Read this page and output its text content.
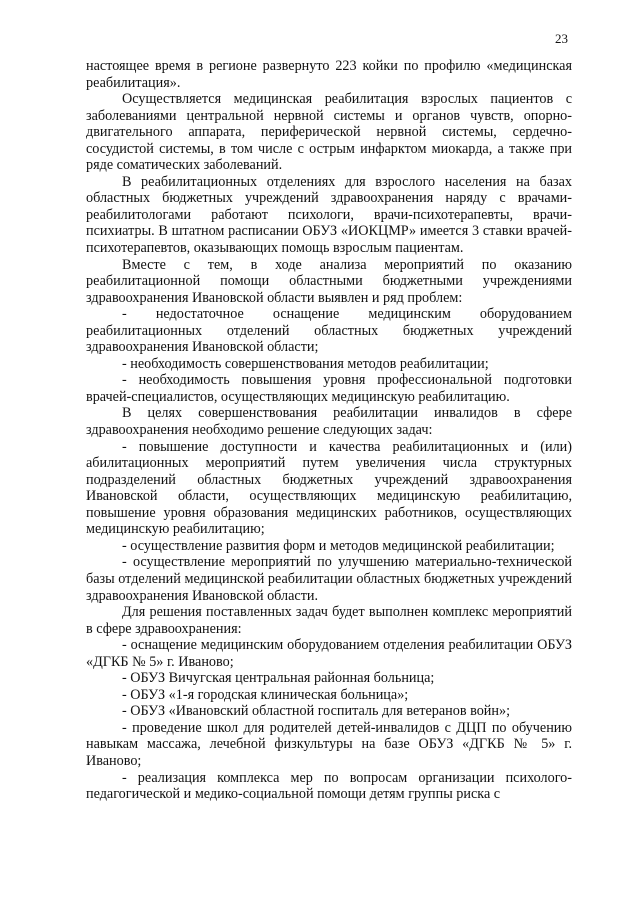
23

настоящее время в регионе развернуто 223 койки по профилю «медицинская реабилитация».

Осуществляется медицинская реабилитация взрослых пациентов с заболеваниями центральной нервной системы и органов чувств, опорно-двигательного аппарата, периферической нервной системы, сердечно-сосудистой системы, в том числе с острым инфарктом миокарда, а также при ряде соматических заболеваний.

В реабилитационных отделениях для взрослого населения на базах областных бюджетных учреждений здравоохранения наряду с врачами-реабилитологами работают психологи, врачи-психотерапевты, врачи-психиатры. В штатном расписании ОБУЗ «ИОКЦМР» имеется 3 ставки врачей-психотерапевтов, оказывающих помощь взрослым пациентам.

Вместе с тем, в ходе анализа мероприятий по оказанию реабилитационной помощи областными бюджетными учреждениями здравоохранения Ивановской области выявлен и ряд проблем:

- недостаточное оснащение медицинским оборудованием реабилитационных отделений областных бюджетных учреждений здравоохранения Ивановской области;

- необходимость совершенствования методов реабилитации;

- необходимость повышения уровня профессиональной подготовки врачей-специалистов, осуществляющих медицинскую реабилитацию.

В целях совершенствования реабилитации инвалидов в сфере здравоохранения необходимо решение следующих задач:

- повышение доступности и качества реабилитационных и (или) абилитационных мероприятий путем увеличения числа структурных подразделений областных бюджетных учреждений здравоохранения Ивановской области, осуществляющих медицинскую реабилитацию, повышение уровня образования медицинских работников, осуществляющих медицинскую реабилитацию;

- осуществление развития форм и методов медицинской реабилитации;

- осуществление мероприятий по улучшению материально-технической базы отделений медицинской реабилитации областных бюджетных учреждений здравоохранения Ивановской области.

Для решения поставленных задач будет выполнен комплекс мероприятий в сфере здравоохранения:

- оснащение медицинским оборудованием отделения реабилитации ОБУЗ «ДГКБ № 5» г. Иваново;

- ОБУЗ Вичугская центральная районная больница;

- ОБУЗ «1-я городская клиническая больница»;

- ОБУЗ «Ивановский областной госпиталь для ветеранов войн»;

- проведение школ для родителей детей-инвалидов с ДЦП по обучению навыкам массажа, лечебной физкультуры на базе ОБУЗ «ДГКБ № 5» г. Иваново;

- реализация комплекса мер по вопросам организации психолого-педагогической и медико-социальной помощи детям группы риска с
